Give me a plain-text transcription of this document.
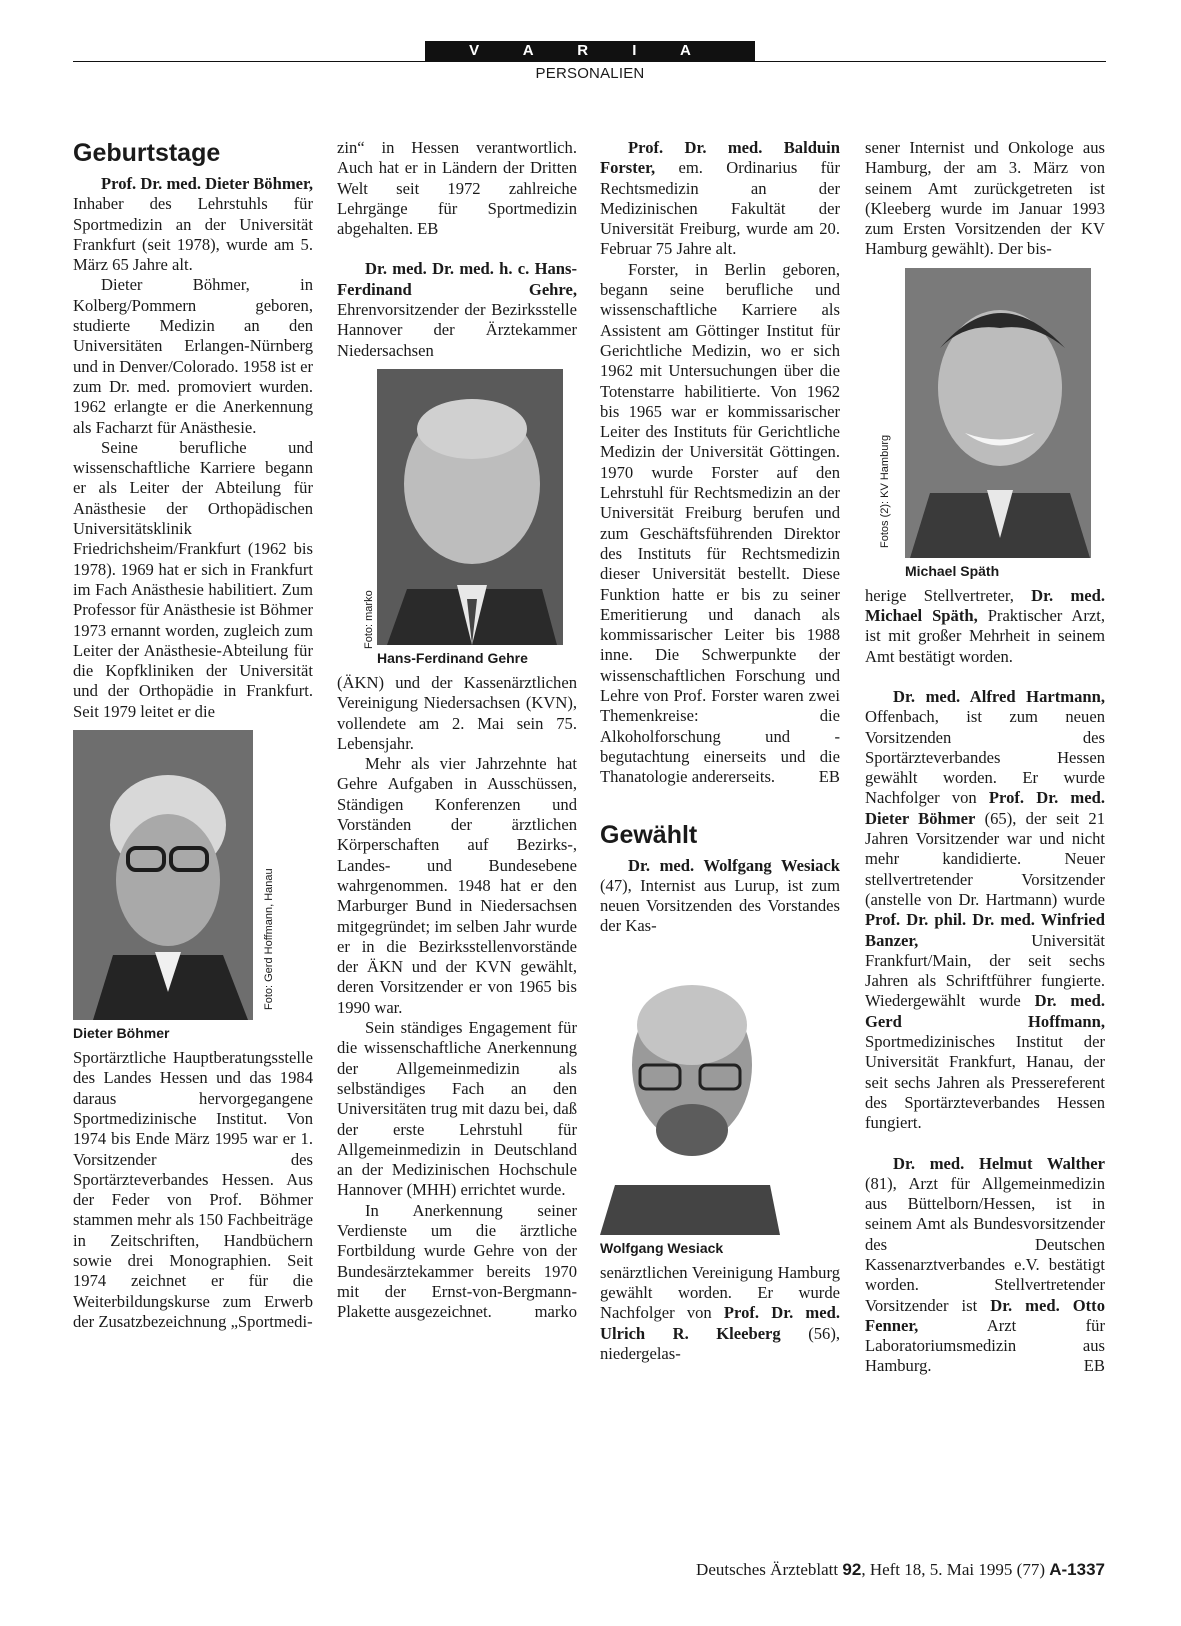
V A R I A
PERSONALIEN
Geburtstage

Prof. Dr. med. Dieter Böhmer, Inhaber des Lehrstuhls für Sportmedizin an der Universität Frankfurt (seit 1978), wurde am 5. März 65 Jahre alt.

Dieter Böhmer, in Kolberg/Pommern geboren, studierte Medizin an den Universitäten Erlangen-Nürnberg und in Denver/Colorado. 1958 ist er zum Dr. med. promoviert wurden. 1962 erlangte er die Anerkennung als Facharzt für Anästhesie.

Seine berufliche und wissenschaftliche Karriere begann er als Leiter der Abteilung für Anästhesie der Orthopädischen Universitätsklinik Friedrichsheim/Frankfurt (1962 bis 1978). 1969 hat er sich in Frankfurt im Fach Anästhesie habilitiert. Zum Professor für Anästhesie ist Böhmer 1973 ernannt worden, zugleich zum Leiter der Anästhesie-Abteilung für die Kopfkliniken der Universität und der Orthopädie in Frankfurt. Seit 1979 leitet er die

Foto: Gerd Hoffmann, Hanau
Dieter Böhmer

Sportärztliche Hauptberatungsstelle des Landes Hessen und das 1984 daraus hervorgegangene Sportmedizinische Institut. Von 1974 bis Ende März 1995 war er 1. Vorsitzender des Sportärzteverbandes Hessen. Aus der Feder von Prof. Böhmer stammen mehr als 150 Fachbeiträge in Zeitschriften, Handbüchern sowie drei Monographien. Seit 1974 zeichnet er für die Weiterbildungskurse zum Erwerb der Zusatzbezeichnung „Sportmedi-

zin“ in Hessen verantwortlich. Auch hat er in Ländern der Dritten Welt seit 1972 zahlreiche Lehrgänge für Sportmedizin abgehalten. EB

Dr. med. Dr. med. h. c. Hans-Ferdinand Gehre, Ehrenvorsitzender der Bezirksstelle Hannover der Ärztekammer Niedersachsen

Foto: marko
Hans-Ferdinand Gehre

(ÄKN) und der Kassenärztlichen Vereinigung Niedersachsen (KVN), vollendete am 2. Mai sein 75. Lebensjahr.

Mehr als vier Jahrzehnte hat Gehre Aufgaben in Ausschüssen, Ständigen Konferenzen und Vorständen der ärztlichen Körperschaften auf Bezirks-, Landes- und Bundesebene wahrgenommen. 1948 hat er den Marburger Bund in Niedersachsen mitgegründet; im selben Jahr wurde er in die Bezirksstellenvorstände der ÄKN und der KVN gewählt, deren Vorsitzender er von 1965 bis 1990 war.

Sein ständiges Engagement für die wissenschaftliche Anerkennung der Allgemeinmedizin als selbständiges Fach an den Universitäten trug mit dazu bei, daß der erste Lehrstuhl für Allgemeinmedizin in Deutschland an der Medizinischen Hochschule Hannover (MHH) errichtet wurde.

In Anerkennung seiner Verdienste um die ärztliche Fortbildung wurde Gehre von der Bundesärztekammer bereits 1970 mit der Ernst-von-Bergmann-Plakette ausgezeichnet.	marko

Prof. Dr. med. Balduin Forster, em. Ordinarius für Rechtsmedizin an der Medizinischen Fakultät der Universität Freiburg, wurde am 20. Februar 75 Jahre alt.

Forster, in Berlin geboren, begann seine berufliche und wissenschaftliche Karriere als Assistent am Göttinger Institut für Gerichtliche Medizin, wo er sich 1962 mit Untersuchungen über die Totenstarre habilitierte. Von 1962 bis 1965 war er kommissarischer Leiter des Instituts für Gerichtliche Medizin der Universität Göttingen. 1970 wurde Forster auf den Lehrstuhl für Rechtsmedizin an der Universität Freiburg berufen und zum Geschäftsführenden Direktor des Instituts für Rechtsmedizin dieser Universität bestellt. Diese Funktion hatte er bis zu seiner Emeritierung und danach als kommissarischer Leiter bis 1988 inne. Die Schwerpunkte der wissenschaftlichen Forschung und Lehre von Prof. Forster waren zwei Themenkreise: die Alkoholforschung und -begutachtung einerseits und die Thanatologie andererseits.	EB

Gewählt

Dr. med. Wolfgang Wesiack (47), Internist aus Lurup, ist zum neuen Vorsitzenden des Vorstandes der Kas-

Wolfgang Wesiack

senärztlichen Vereinigung Hamburg gewählt worden. Er wurde Nachfolger von Prof. Dr. med. Ulrich R. Kleeberg (56), niedergelas-

sener Internist und Onkologe aus Hamburg, der am 3. März von seinem Amt zurückgetreten ist (Kleeberg wurde im Januar 1993 zum Ersten Vorsitzenden der KV Hamburg gewählt). Der bis-

Fotos (2): KV Hamburg
Michael Späth

herige Stellvertreter, Dr. med. Michael Späth, Praktischer Arzt, ist mit großer Mehrheit in seinem Amt bestätigt worden.

Dr. med. Alfred Hartmann, Offenbach, ist zum neuen Vorsitzenden des Sportärzteverbandes Hessen gewählt worden. Er wurde Nachfolger von Prof. Dr. med. Dieter Böhmer (65), der seit 21 Jahren Vorsitzender war und nicht mehr kandidierte. Neuer stellvertretender Vorsitzender (anstelle von Dr. Hartmann) wurde Prof. Dr. phil. Dr. med. Winfried Banzer, Universität Frankfurt/Main, der seit sechs Jahren als Schriftführer fungierte. Wiedergewählt wurde Dr. med. Gerd Hoffmann, Sportmedizinisches Institut der Universität Frankfurt, Hanau, der seit sechs Jahren als Pressereferent des Sportärzteverbandes Hessen fungiert.

Dr. med. Helmut Walther (81), Arzt für Allgemeinmedizin aus Büttelborn/Hessen, ist in seinem Amt als Bundesvorsitzender des Deutschen Kassenarztverbandes e.V. bestätigt worden. Stellvertretender Vorsitzender ist Dr. med. Otto Fenner, Arzt für Laboratoriumsmedizin aus Hamburg.	EB

Deutsches Ärzteblatt 92, Heft 18, 5. Mai 1995 (77) A-1337
